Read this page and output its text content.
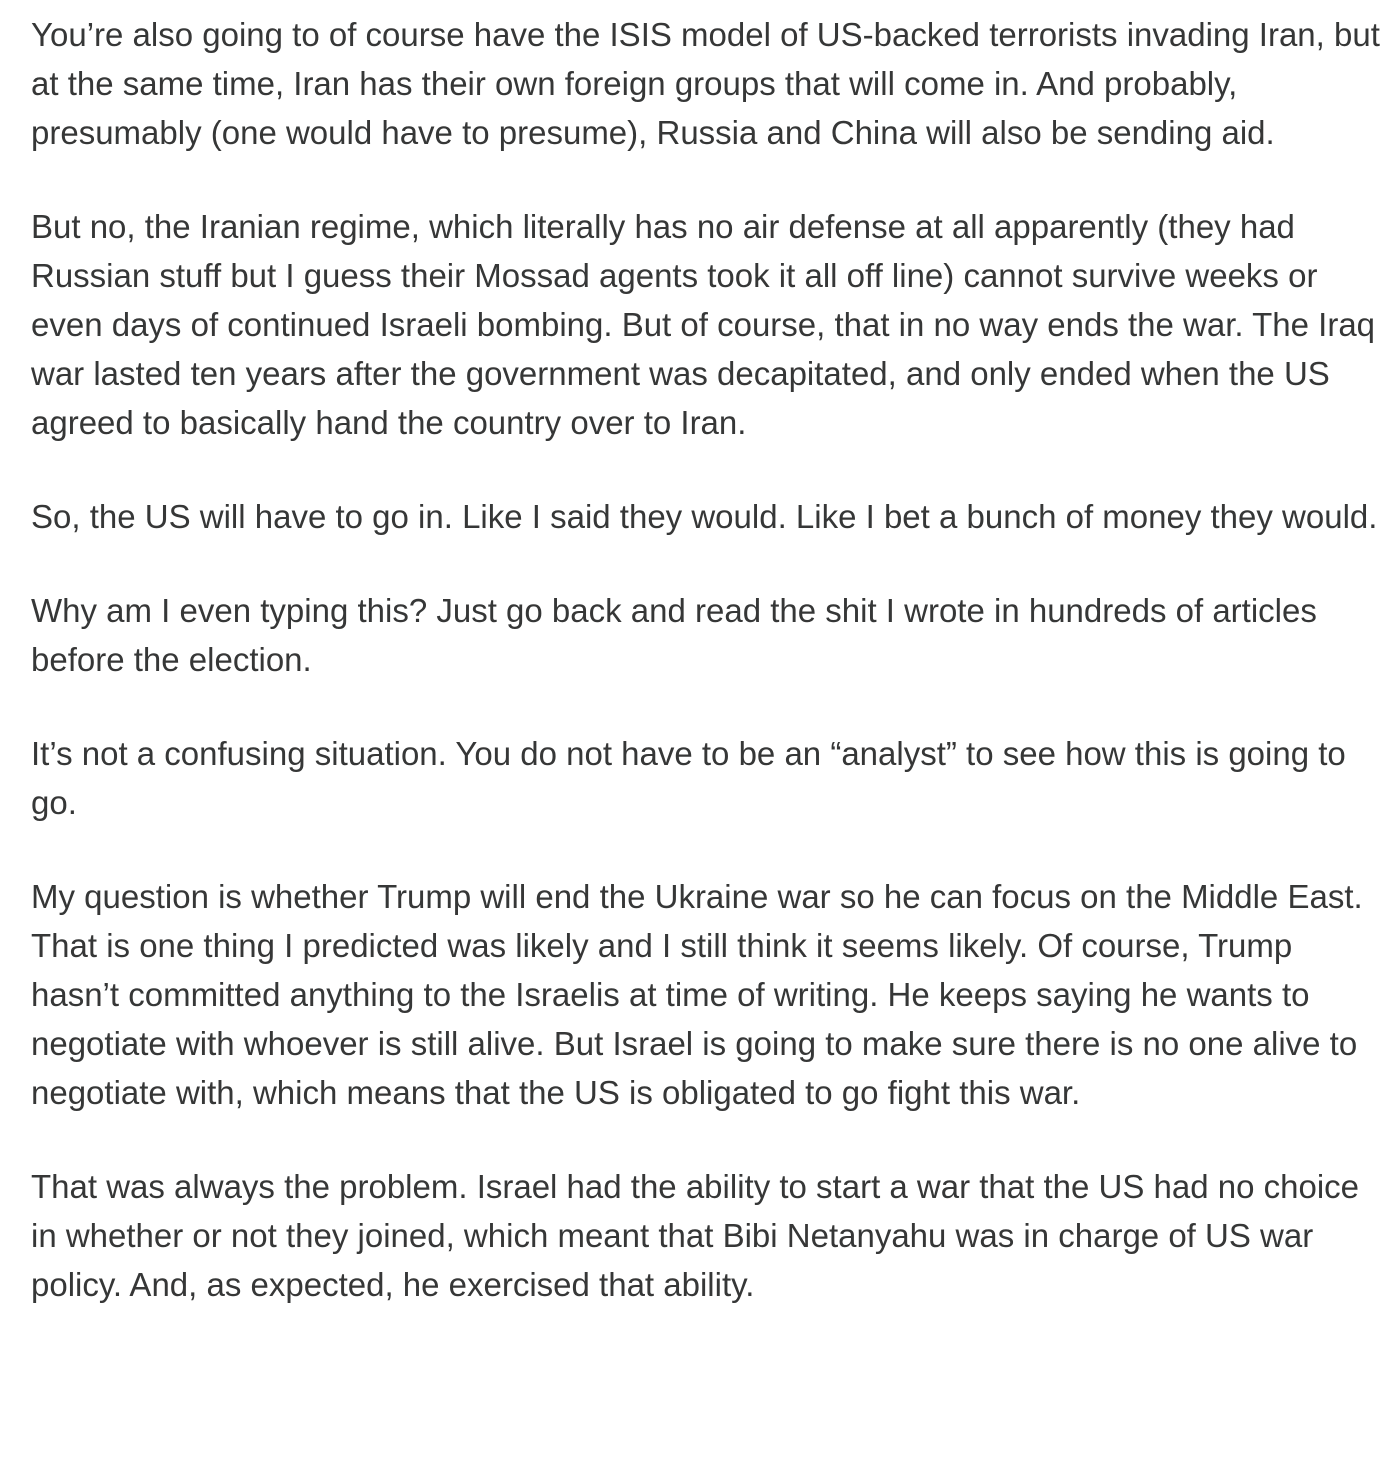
You’re also going to of course have the ISIS model of US-backed terrorists invading Iran, but at the same time, Iran has their own foreign groups that will come in. And probably, presumably (one would have to presume), Russia and China will also be sending aid.

But no, the Iranian regime, which literally has no air defense at all apparently (they had Russian stuff but I guess their Mossad agents took it all off line) cannot survive weeks or even days of continued Israeli bombing. But of course, that in no way ends the war. The Iraq war lasted ten years after the government was decapitated, and only ended when the US agreed to basically hand the country over to Iran.

So, the US will have to go in. Like I said they would. Like I bet a bunch of money they would.

Why am I even typing this? Just go back and read the shit I wrote in hundreds of articles before the election.

It’s not a confusing situation. You do not have to be an “analyst” to see how this is going to go.

My question is whether Trump will end the Ukraine war so he can focus on the Middle East. That is one thing I predicted was likely and I still think it seems likely. Of course, Trump hasn’t committed anything to the Israelis at time of writing. He keeps saying he wants to negotiate with whoever is still alive. But Israel is going to make sure there is no one alive to negotiate with, which means that the US is obligated to go fight this war.

That was always the problem. Israel had the ability to start a war that the US had no choice in whether or not they joined, which meant that Bibi Netanyahu was in charge of US war policy. And, as expected, he exercised that ability.
